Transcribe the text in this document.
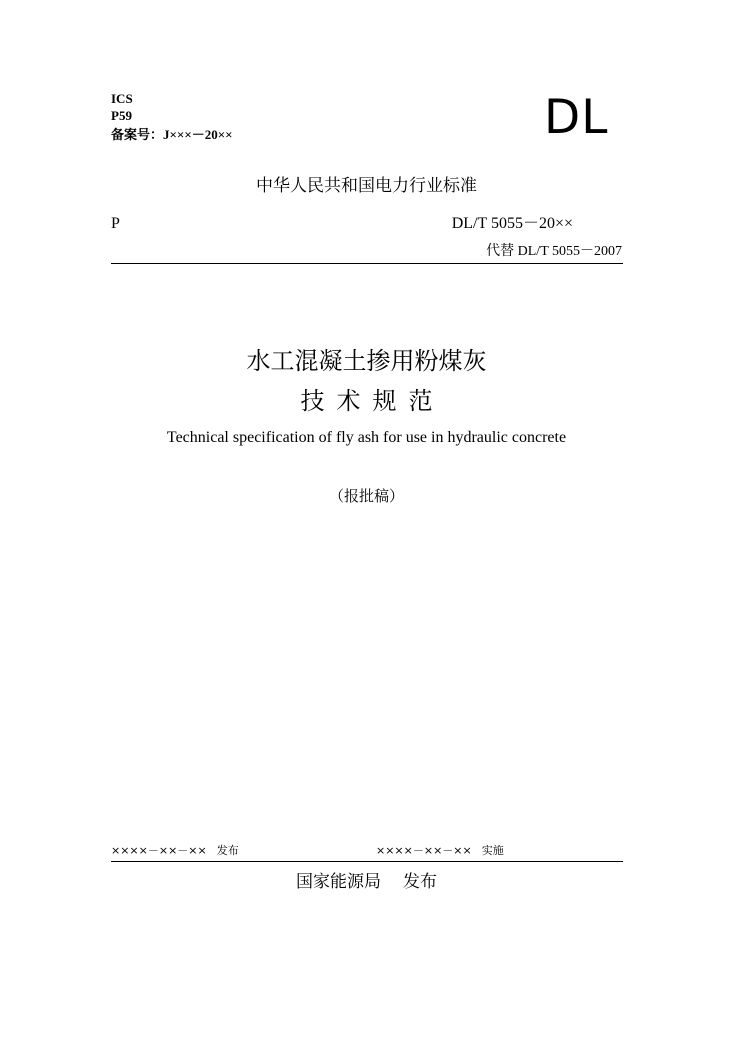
ICS
P59
备案号：J×××－20××	DL
中华人民共和国电力行业标准
P	DL/T 5055－20××
代替 DL/T 5055－2007
水工混凝土掺用粉煤灰
技术规范
Technical specification of fly ash for use in hydraulic concrete
（报批稿）
××××－××－×× 发布	××××－××－×× 实施
国家能源局 发布
